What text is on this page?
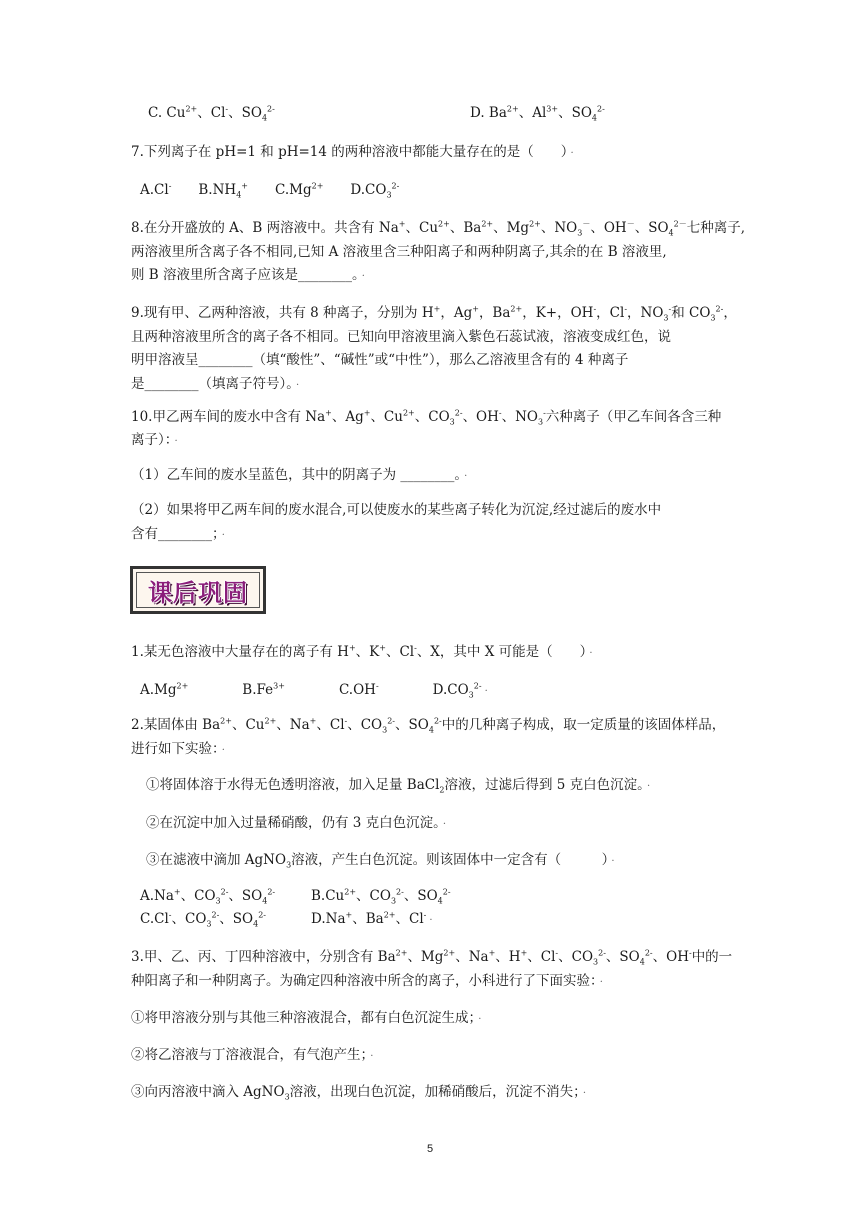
C. $Cu^{2+}$、Cl-、$SO_4^{2-}$	D. $Ba^{2+}$、$Al^{3+}$、$SO_4^{2-}$
7.下列离子在 pH=1 和 pH=14 的两种溶液中都能大量存在的是（　　） ·
A.Cl-　　$B.NH_4^+$　　$C.Mg^{2+}$　　$D.CO_3^{2-}$
8.在分开盛放的 A、B 两溶液中。共含有 Na+、$Cu^{2+}$、$Ba^{2+}$、$Mg^{2+}$、$NO_3^-$、OH－、$SO_4^{2-}$七种离子,
两溶液里所含离子各不相同,已知 A 溶液里含三种阳离子和两种阴离子,其余的在 B 溶液里,
则 B 溶液里所含离子应该是________。 ·
9.现有甲、乙两种溶液，共有 8 种离子，分别为 H+，Ag+，$Ba^{2+}$，K+，OH-，Cl-，$NO_3^-$和 $CO_3^{2-}$，
且两种溶液里所含的离子各不相同。已知向甲溶液里滴入紫色石蕊试液，溶液变成红色，说
明甲溶液呈________（填“酸性”、“碱性”或“中性”），那么乙溶液里含有的 4 种离子
是________（填离子符号）。 ·
10.甲乙两车间的废水中含有 Na+、Ag+、$Cu^{2+}$、$CO_3^{2-}$、OH-、$NO_3^-$六种离子（甲乙车间各含三种
离子）： ·
（1）乙车间的废水呈蓝色，其中的阴离子为 ________。 ·
（2）如果将甲乙两车间的废水混合,可以使废水的某些离子转化为沉淀,经过滤后的废水中
含有________； ·
课后巩固
1.某无色溶液中大量存在的离子有 H+、K+、Cl-、X，其中 X 可能是（　　） ·
$A.Mg^{2+}$　　　　$B.Fe^{3+}$　　　　C.OH-　　　　$D.CO_3^{2-}$ ·
2.某固体由 $Ba^{2+}$、$Cu^{2+}$、Na+、Cl-、$CO_3^{2-}$、$SO_4^{2-}$中的几种离子构成，取一定质量的该固体样品，
进行如下实验： ·
①将固体溶于水得无色透明溶液，加入足量 BaCl$_2$溶液，过滤后得到 5 克白色沉淀。 ·
②在沉淀中加入过量稀硝酸，仍有 3 克白色沉淀。 ·
③在滤液中滴加 AgNO$_3$溶液，产生白色沉淀。则该固体中一定含有（　　　） ·
A.Na+、$CO_3^{2-}$、$SO_4^{2-}$	$B.Cu^{2+}$、$CO_3^{2-}$、$SO_4^{2-}$
C.Cl-、$CO_3^{2-}$、$SO_4^{2-}$	D.Na+、$Ba^{2+}$、Cl- ·
3.甲、乙、丙、丁四种溶液中，分别含有 $Ba^{2+}$、$Mg^{2+}$、Na+、H+、Cl-、$CO_3^{2-}$、$SO_4^{2-}$、OH-中的一
种阳离子和一种阴离子。为确定四种溶液中所含的离子，小科进行了下面实验： ·
①将甲溶液分别与其他三种溶液混合，都有白色沉淀生成； ·
②将乙溶液与丁溶液混合，有气泡产生； ·
③向丙溶液中滴入 AgNO$_3$溶液，出现白色沉淀，加稀硝酸后，沉淀不消失； ·
5
